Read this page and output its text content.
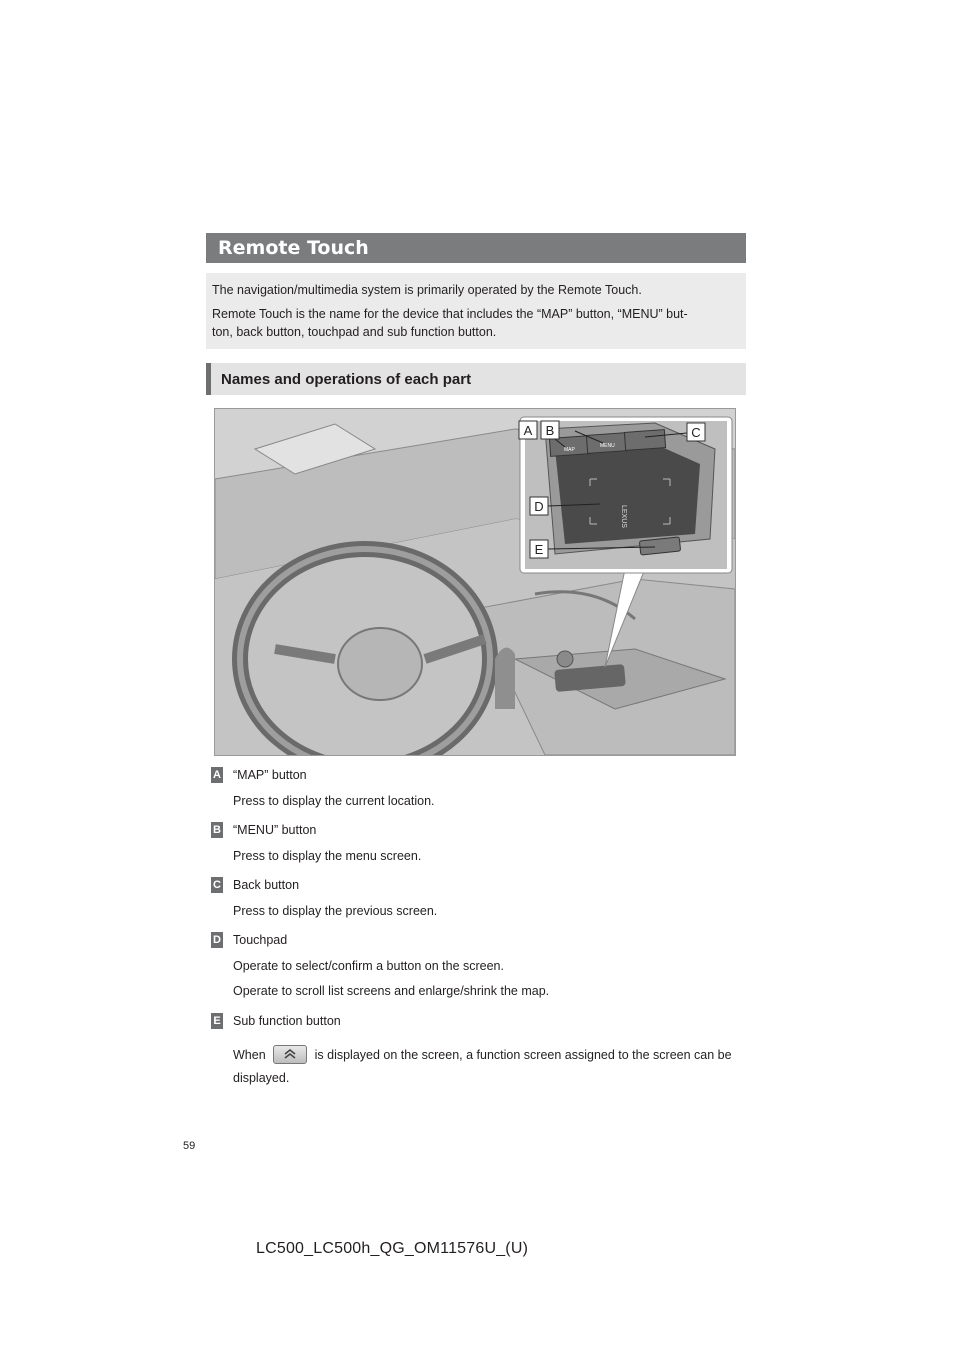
Remote Touch

The navigation/multimedia system is primarily operated by the Remote Touch.

Remote Touch is the name for the device that includes the “MAP” button, “MENU” but-
ton, back button, touchpad and sub function button.

Names and operations of each part
MAP
MENU
LEXUS
A B	C
D
E
A “MAP” button
Press to display the current location.
B “MENU” button
Press to display the menu screen.
C Back button
Press to display the previous screen.
D Touchpad
Operate to select/confirm a button on the screen.
Operate to scroll list screens and enlarge/shrink the map.
E Sub function button
When	is displayed on the screen, a function screen assigned to the screen can be
displayed.
59
LC500_LC500h_QG_OM11576U_(U)
